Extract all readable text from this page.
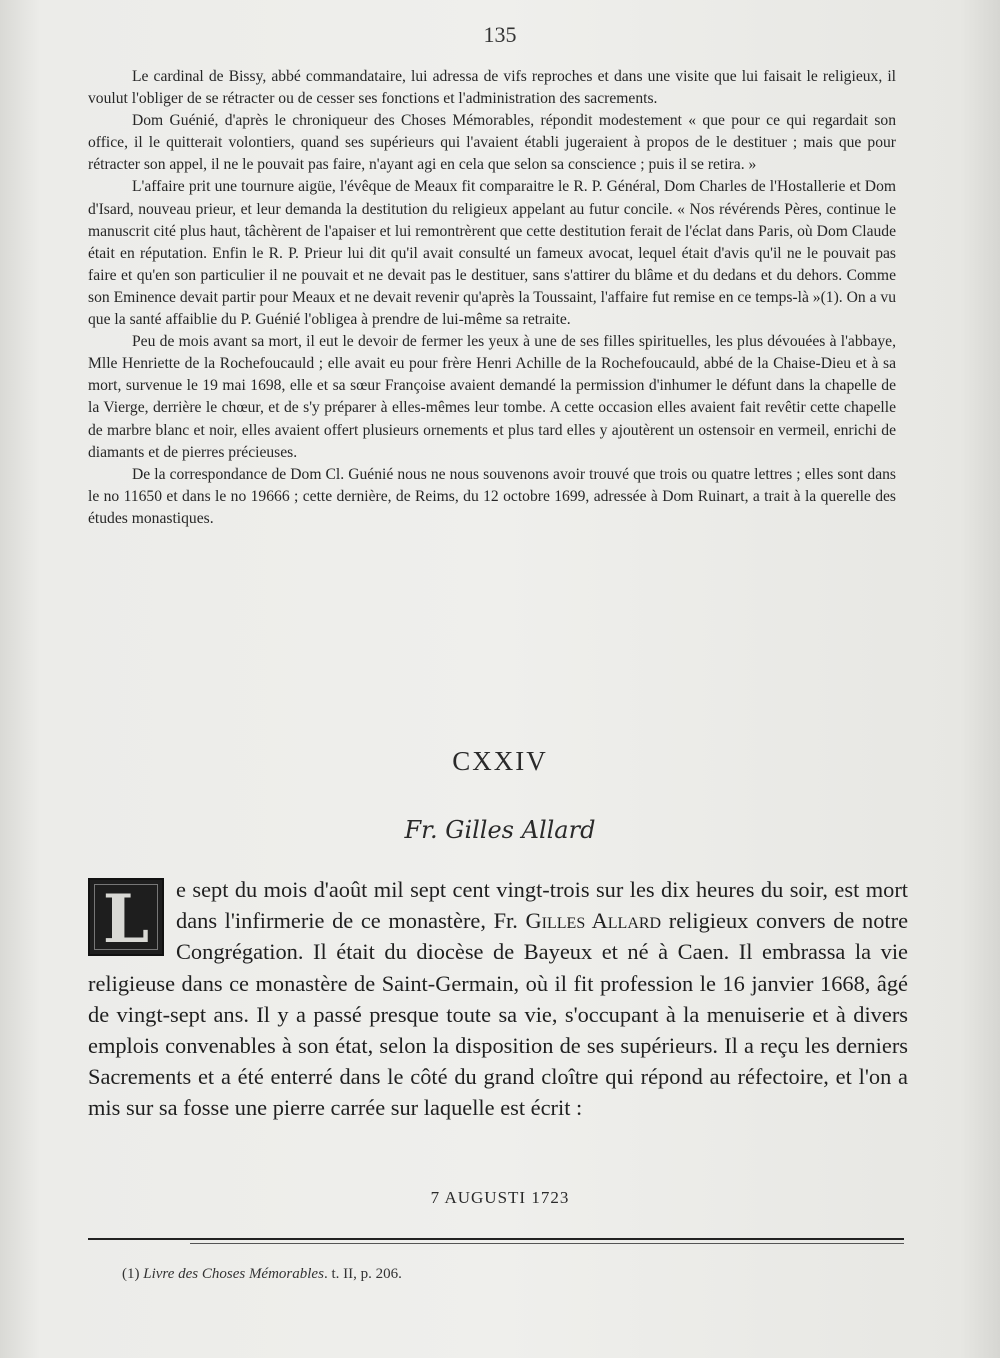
135

Le cardinal de Bissy, abbé commandataire, lui adressa de vifs reproches et dans une visite que lui faisait le religieux, il voulut l'obliger de se rétracter ou de cesser ses fonctions et l'administration des sacrements.

Dom Guénié, d'après le chroniqueur des Choses Mémorables, répondit modestement « que pour ce qui regardait son office, il le quitterait volontiers, quand ses supérieurs qui l'avaient établi jugeraient à propos de le destituer ; mais que pour rétracter son appel, il ne le pouvait pas faire, n'ayant agi en cela que selon sa conscience ; puis il se retira. »

L'affaire prit une tournure aigüe, l'évêque de Meaux fit comparaitre le R. P. Général, Dom Charles de l'Hostallerie et Dom d'Isard, nouveau prieur, et leur demanda la destitution du religieux appelant au futur concile. « Nos révérends Pères, continue le manuscrit cité plus haut, tâchèrent de l'apaiser et lui remontrèrent que cette destitution ferait de l'éclat dans Paris, où Dom Claude était en réputation. Enfin le R. P. Prieur lui dit qu'il avait consulté un fameux avocat, lequel était d'avis qu'il ne le pouvait pas faire et qu'en son particulier il ne pouvait et ne devait pas le destituer, sans s'attirer du blâme et du dedans et du dehors. Comme son Eminence devait partir pour Meaux et ne devait revenir qu'après la Toussaint, l'affaire fut remise en ce temps-là »(1). On a vu que la santé affaiblie du P. Guénié l'obligea à prendre de lui-même sa retraite.

Peu de mois avant sa mort, il eut le devoir de fermer les yeux à une de ses filles spirituelles, les plus dévouées à l'abbaye, Mlle Henriette de la Rochefoucauld ; elle avait eu pour frère Henri Achille de la Rochefoucauld, abbé de la Chaise-Dieu et à sa mort, survenue le 19 mai 1698, elle et sa sœur Françoise avaient demandé la permission d'inhumer le défunt dans la chapelle de la Vierge, derrière le chœur, et de s'y préparer à elles-mêmes leur tombe. A cette occasion elles avaient fait revêtir cette chapelle de marbre blanc et noir, elles avaient offert plusieurs ornements et plus tard elles y ajoutèrent un ostensoir en vermeil, enrichi de diamants et de pierres précieuses.

De la correspondance de Dom Cl. Guénié nous ne nous souvenons avoir trouvé que trois ou quatre lettres ; elles sont dans le no 11650 et dans le no 19666 ; cette dernière, de Reims, du 12 octobre 1699, adressée à Dom Ruinart, a trait à la querelle des études monastiques.

CXXIV
Fr. Gilles Allard
L	e sept du mois d'août mil sept cent vingt-trois sur les dix heures du soir, est mort dans l'infirmerie de ce monastère, Fr. Gilles Allard religieux convers de notre Congrégation. Il était du diocèse de Bayeux et né à Caen. Il embrassa la vie religieuse dans ce monastère de Saint-Germain, où il fit profession le 16 janvier 1668, âgé de vingt-sept ans. Il y a passé presque toute sa vie, s'occupant à la menuiserie et à divers emplois convenables à son état, selon la disposition de ses supérieurs. Il a reçu les derniers Sacrements et a été enterré dans le côté du grand cloître qui répond au réfectoire, et l'on a mis sur sa fosse une pierre carrée sur laquelle est écrit :

7 AUGUSTI 1723
(1) Livre des Choses Mémorables. t. II, p. 206.
